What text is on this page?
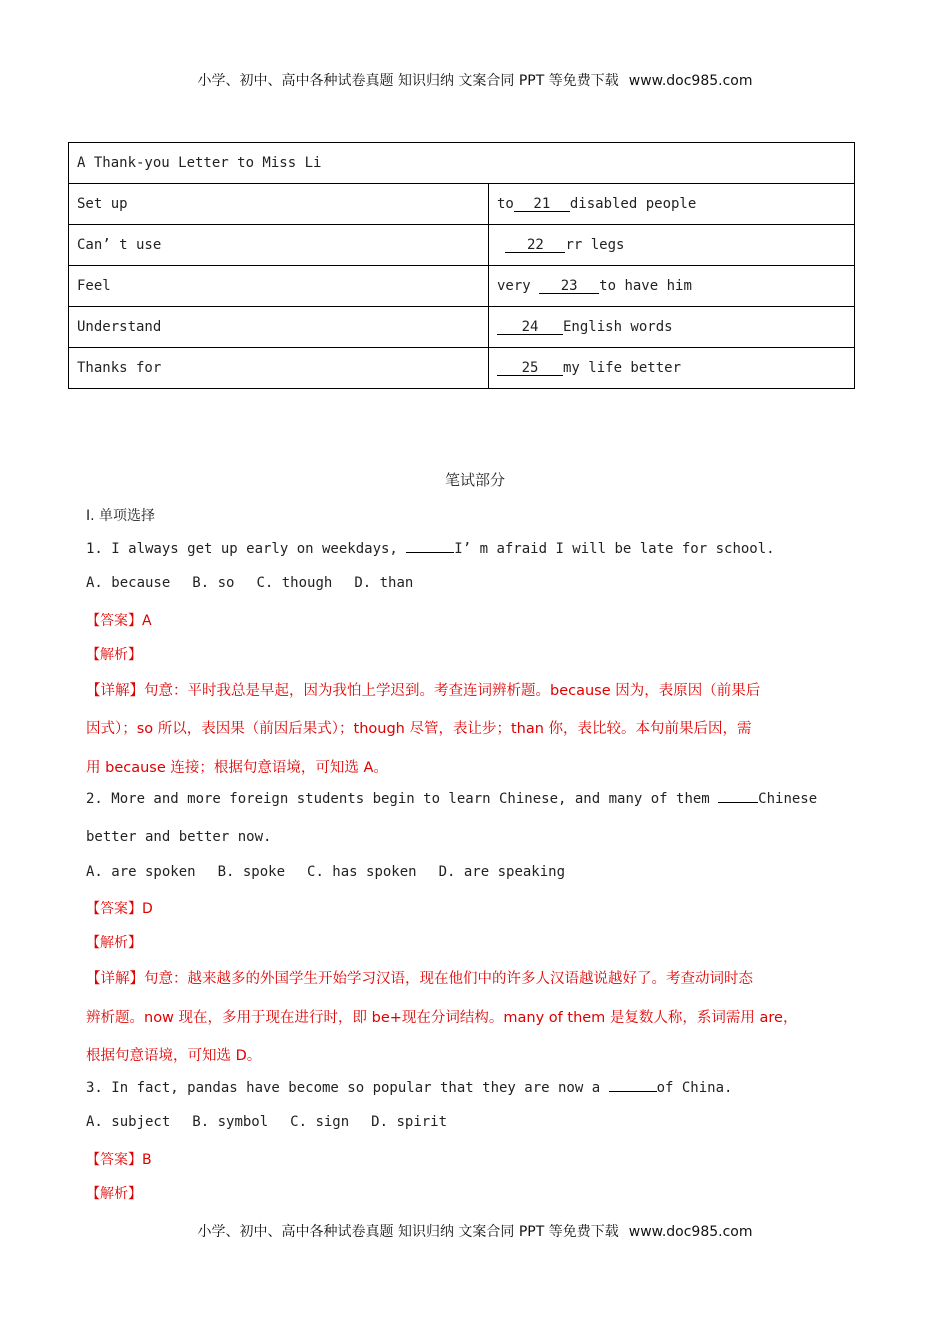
小学、初中、高中各种试卷真题 知识归纳 文案合同 PPT 等免费下载 www.doc985.com
A Thank-you Letter to Miss Li	
Set up	to 21 disabled people
Can’ t use	22 rr legs
Feel	very 23 to have him
Understand	24 English words
Thanks for	25 my life better
笔试部分
I. 单项选择
1. I always get up early on weekdays,	I’ m afraid I will be late for school.
A. because B. so C. though D. than
【答案】A
【解析】
【详解】句意：平时我总是早起，因为我怕上学迟到。考查连词辨析题。because 因为，表原因（前果后
因式）；so 所以，表因果（前因后果式）；though 尽管，表让步；than 你，表比较。本句前果后因，需
用 because 连接；根据句意语境，可知选 A。
2. More and more foreign students begin to learn Chinese, and many of them	Chinese
better and better now.
A. are spoken B. spoke C. has spoken D. are speaking
【答案】D
【解析】
【详解】句意：越来越多的外国学生开始学习汉语，现在他们中的许多人汉语越说越好了。考查动词时态
辨析题。now 现在，多用于现在进行时，即 be+现在分词结构。many of them 是复数人称，系词需用 are，
根据句意语境，可知选 D。
3. In fact, pandas have become so popular that they are now a	of China.
A. subject B. symbol C. sign D. spirit
【答案】B
【解析】
小学、初中、高中各种试卷真题 知识归纳 文案合同 PPT 等免费下载 www.doc985.com
